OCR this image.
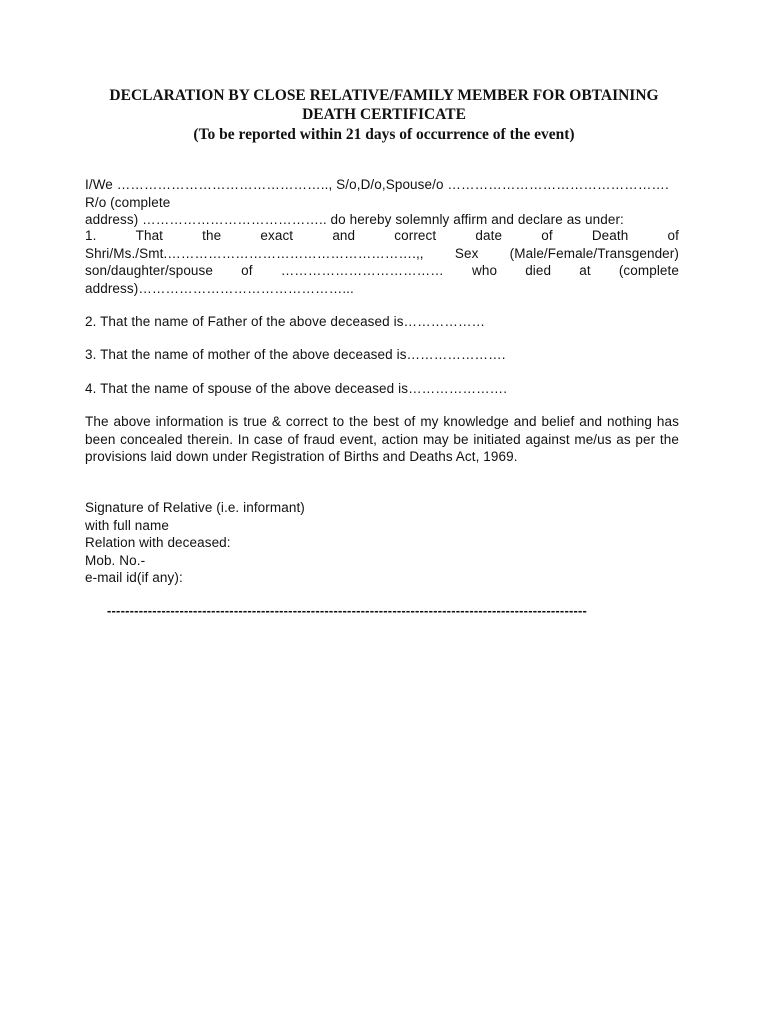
DECLARATION BY CLOSE RELATIVE/FAMILY MEMBER FOR OBTAINING

DEATH CERTIFICATE

(To be reported within 21 days of occurrence of the event)

I/We ……………………………………….., S/o,D/o,Spouse/o …………………………………………. R/o (complete
address) ………………………………….. do hereby solemnly affirm and declare as under:
1.	That	the	exact	and	correct	date	of	Death	of
Shri/Ms./Smt.……………………………………………….,, Sex (Male/Female/Transgender)
son/daughter/spouse of ……………………………… who died at (complete
address)………………………………………...

2. That the name of Father of the above deceased is………………

3. That the name of mother of the above deceased is………………….

4. That the name of spouse of the above deceased is………………….

The above information is true & correct to the best of my knowledge and belief and nothing has been concealed therein. In case of fraud event, action may be initiated against me/us as per the provisions laid down under Registration of Births and Deaths Act, 1969.

Signature of Relative (i.e. informant)
with full name
Relation with deceased:
Mob. No.-
e-mail id(if any):

----------------------------------------------------------------------------------------------------------
